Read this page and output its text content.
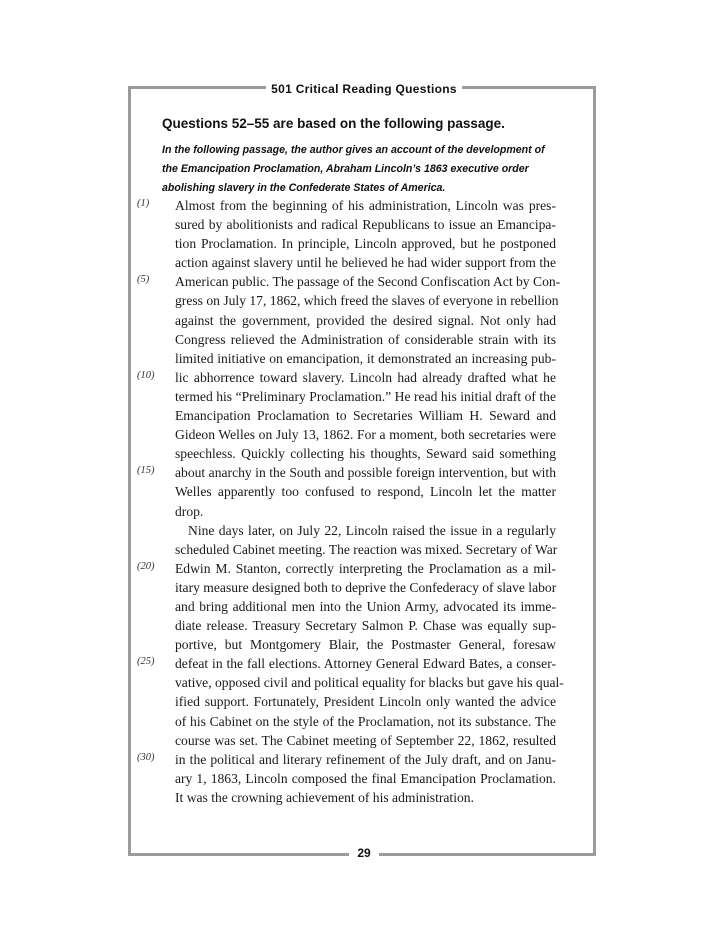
501 Critical Reading Questions
Questions 52–55 are based on the following passage.
In the following passage, the author gives an account of the development of
the Emancipation Proclamation, Abraham Lincoln’s 1863 executive order
abolishing slavery in the Confederate States of America.
(1)	Almost from the beginning of his administration, Lincoln was pres-
sured by abolitionists and radical Republicans to issue an Emancipa-
tion Proclamation. In principle, Lincoln approved, but he postponed
action against slavery until he believed he had wider support from the
(5)	American public. The passage of the Second Confiscation Act by Con-
gress on July 17, 1862, which freed the slaves of everyone in rebellion
against the government, provided the desired signal. Not only had
Congress relieved the Administration of considerable strain with its
limited initiative on emancipation, it demonstrated an increasing pub-
(10)	lic abhorrence toward slavery. Lincoln had already drafted what he
termed his “Preliminary Proclamation.” He read his initial draft of the
Emancipation Proclamation to Secretaries William H. Seward and
Gideon Welles on July 13, 1862. For a moment, both secretaries were
speechless. Quickly collecting his thoughts, Seward said something
(15)	about anarchy in the South and possible foreign intervention, but with
Welles apparently too confused to respond, Lincoln let the matter
drop.
Nine days later, on July 22, Lincoln raised the issue in a regularly
scheduled Cabinet meeting. The reaction was mixed. Secretary of War
(20)	Edwin M. Stanton, correctly interpreting the Proclamation as a mil-
itary measure designed both to deprive the Confederacy of slave labor
and bring additional men into the Union Army, advocated its imme-
diate release. Treasury Secretary Salmon P. Chase was equally sup-
portive, but Montgomery Blair, the Postmaster General, foresaw
(25)	defeat in the fall elections. Attorney General Edward Bates, a conser-
vative, opposed civil and political equality for blacks but gave his qual-
ified support. Fortunately, President Lincoln only wanted the advice
of his Cabinet on the style of the Proclamation, not its substance. The
course was set. The Cabinet meeting of September 22, 1862, resulted
(30)	in the political and literary refinement of the July draft, and on Janu-
ary 1, 1863, Lincoln composed the final Emancipation Proclamation.
It was the crowning achievement of his administration.
29
